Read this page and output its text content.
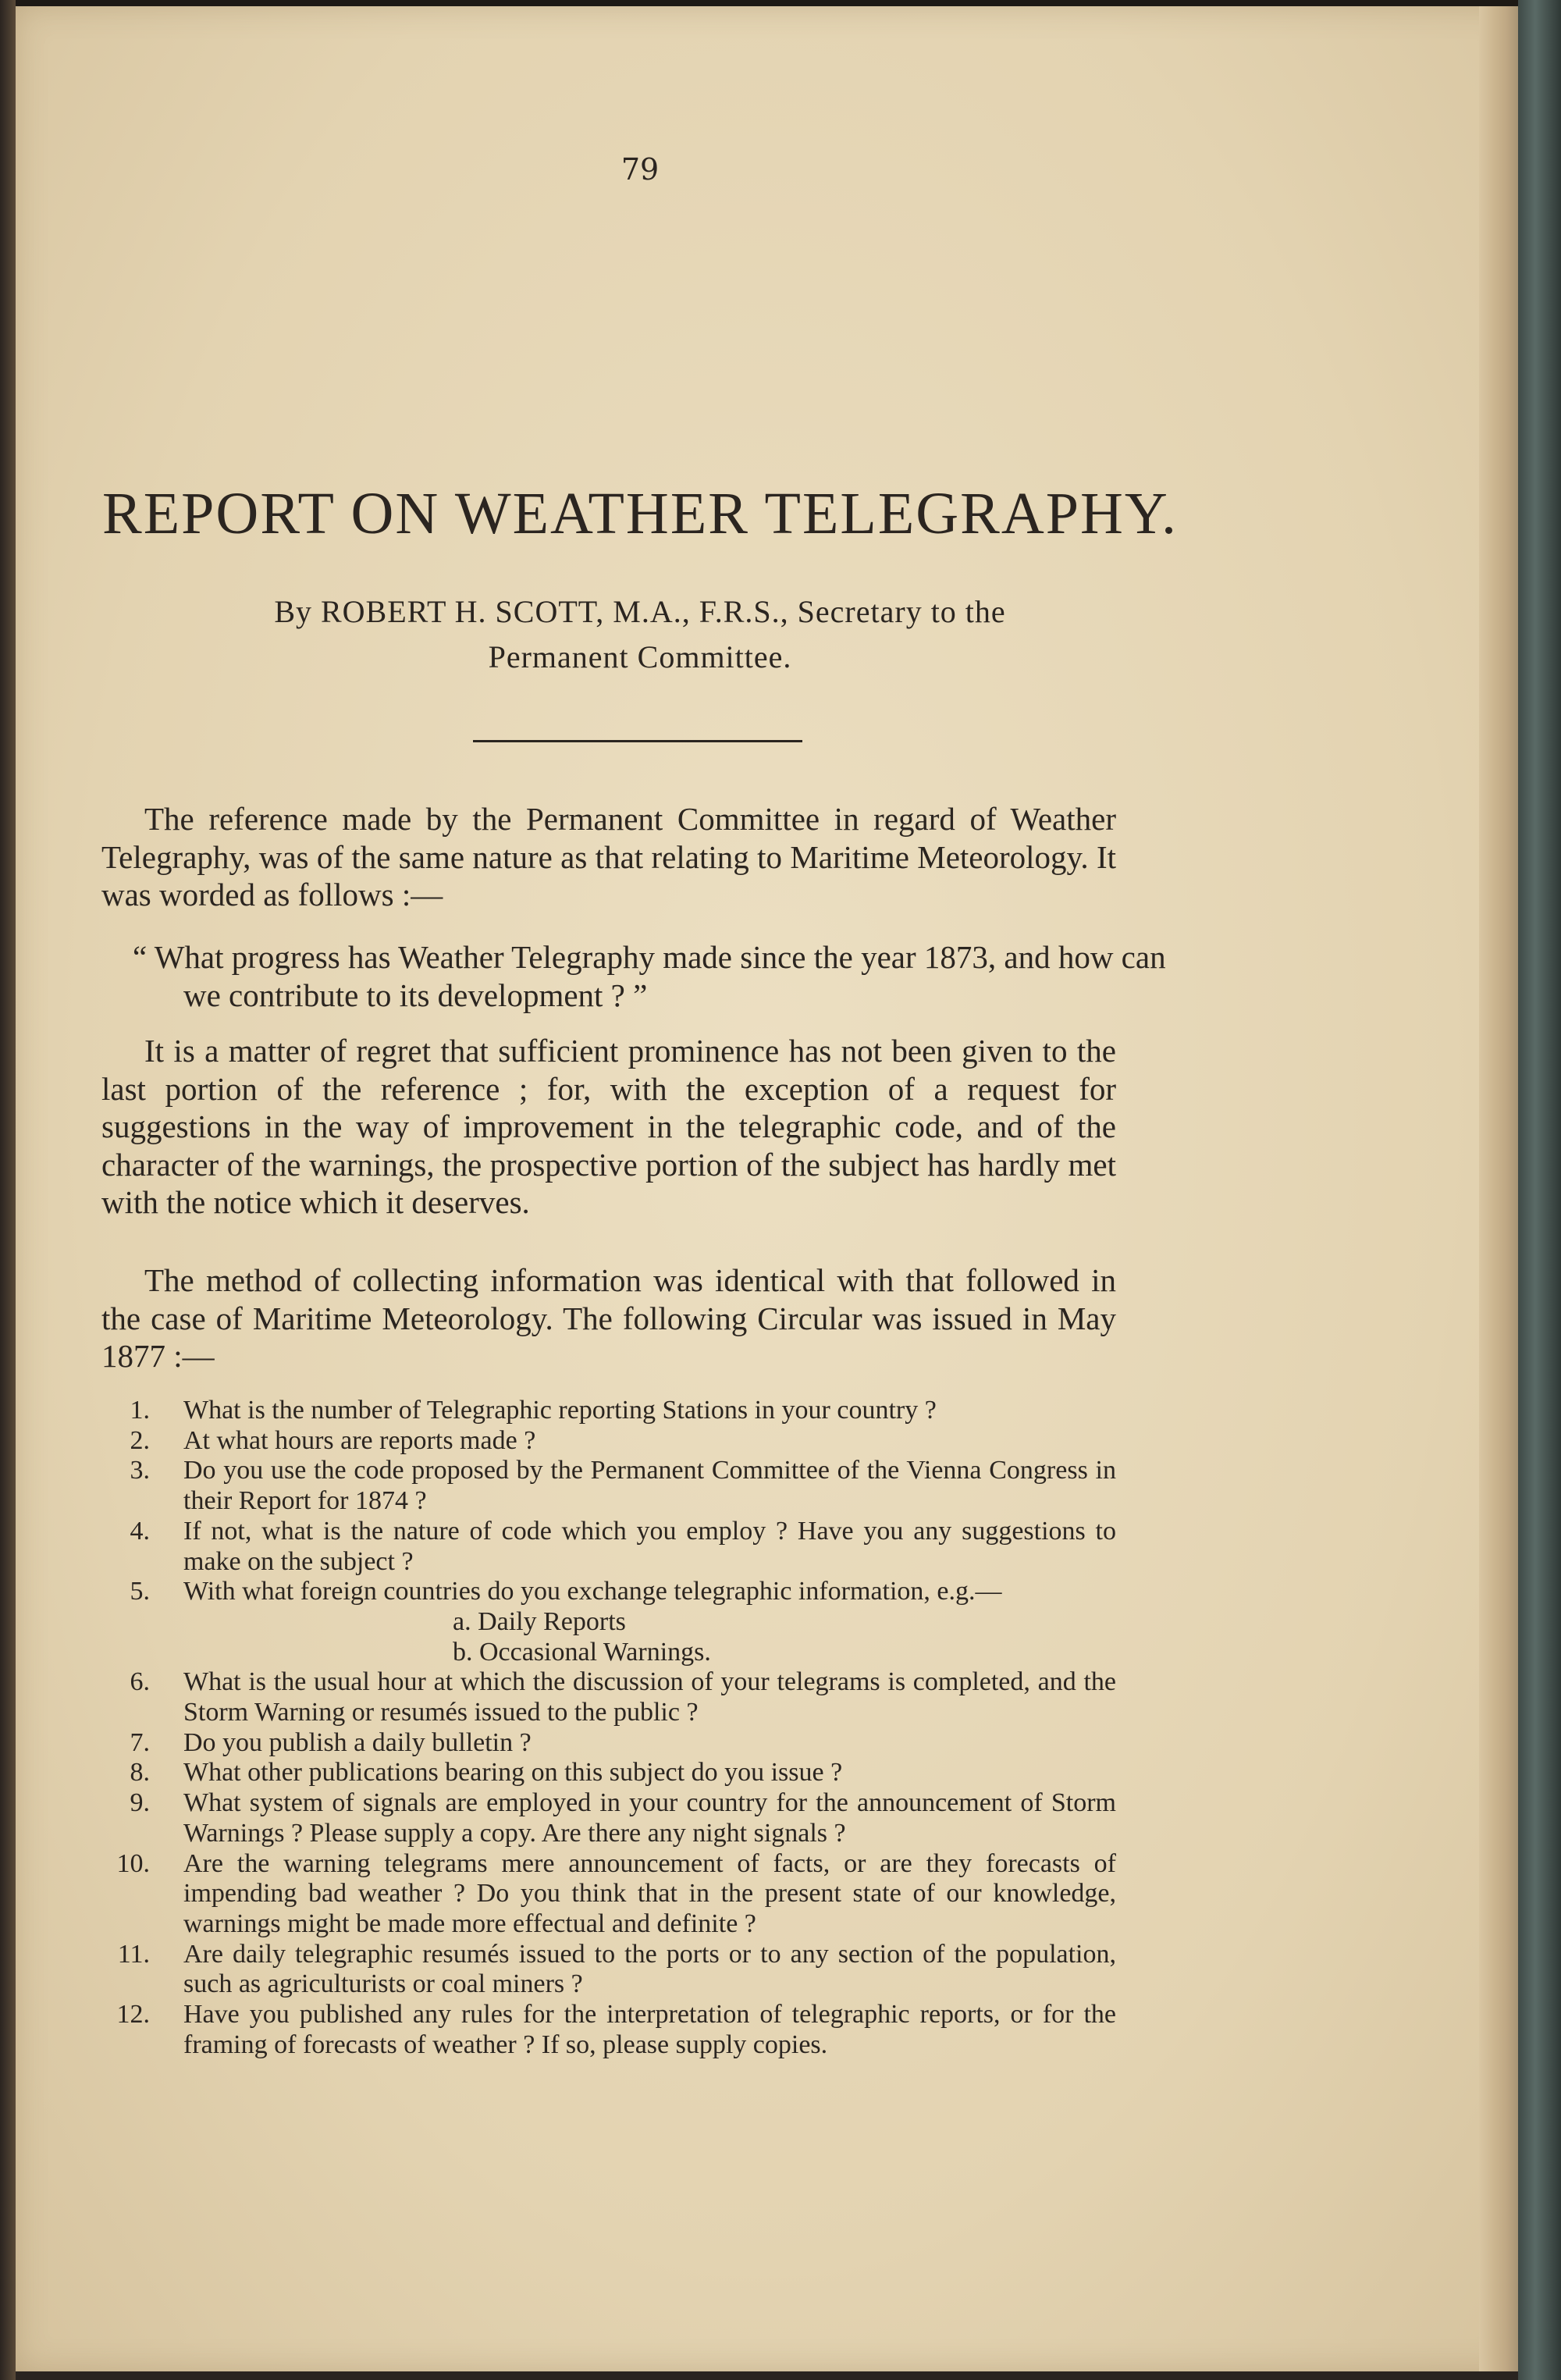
79
REPORT ON WEATHER TELEGRAPHY.
By ROBERT H. SCOTT, M.A., F.R.S., Secretary to the
Permanent Committee.

The reference made by the Permanent Committee in regard of Weather Telegraphy, was of the same nature as that relating to Maritime Meteorology. It was worded as follows :—

“ What progress has Weather Telegraphy made since the year 1873, and how can we contribute to its development ? ”

It is a matter of regret that sufficient prominence has not been given to the last portion of the reference ; for, with the exception of a request for suggestions in the way of improvement in the telegraphic code, and of the character of the warnings, the prospective portion of the subject has hardly met with the notice which it deserves.

The method of collecting information was identical with that followed in the case of Maritime Meteorology. The following Circular was issued in May 1877 :—

1. What is the number of Telegraphic reporting Stations in your country ?
2. At what hours are reports made ?
3. Do you use the code proposed by the Permanent Committee of the Vienna Congress in their Report for 1874 ?
4. If not, what is the nature of code which you employ ? Have you any suggestions to make on the subject ?
5. With what foreign countries do you exchange telegraphic information, e.g.—
a. Daily Reports
b. Occasional Warnings.
6. What is the usual hour at which the discussion of your telegrams is completed, and the Storm Warning or resumés issued to the public ?
7. Do you publish a daily bulletin ?
8. What other publications bearing on this subject do you issue ?
9. What system of signals are employed in your country for the announcement of Storm Warnings ? Please supply a copy. Are there any night signals ?
10. Are the warning telegrams mere announcement of facts, or are they forecasts of impending bad weather ? Do you think that in the present state of our knowledge, warnings might be made more effectual and definite ?
11. Are daily telegraphic resumés issued to the ports or to any section of the population, such as agriculturists or coal miners ?
12. Have you published any rules for the interpretation of telegraphic reports, or for the framing of forecasts of weather ? If so, please supply copies.
